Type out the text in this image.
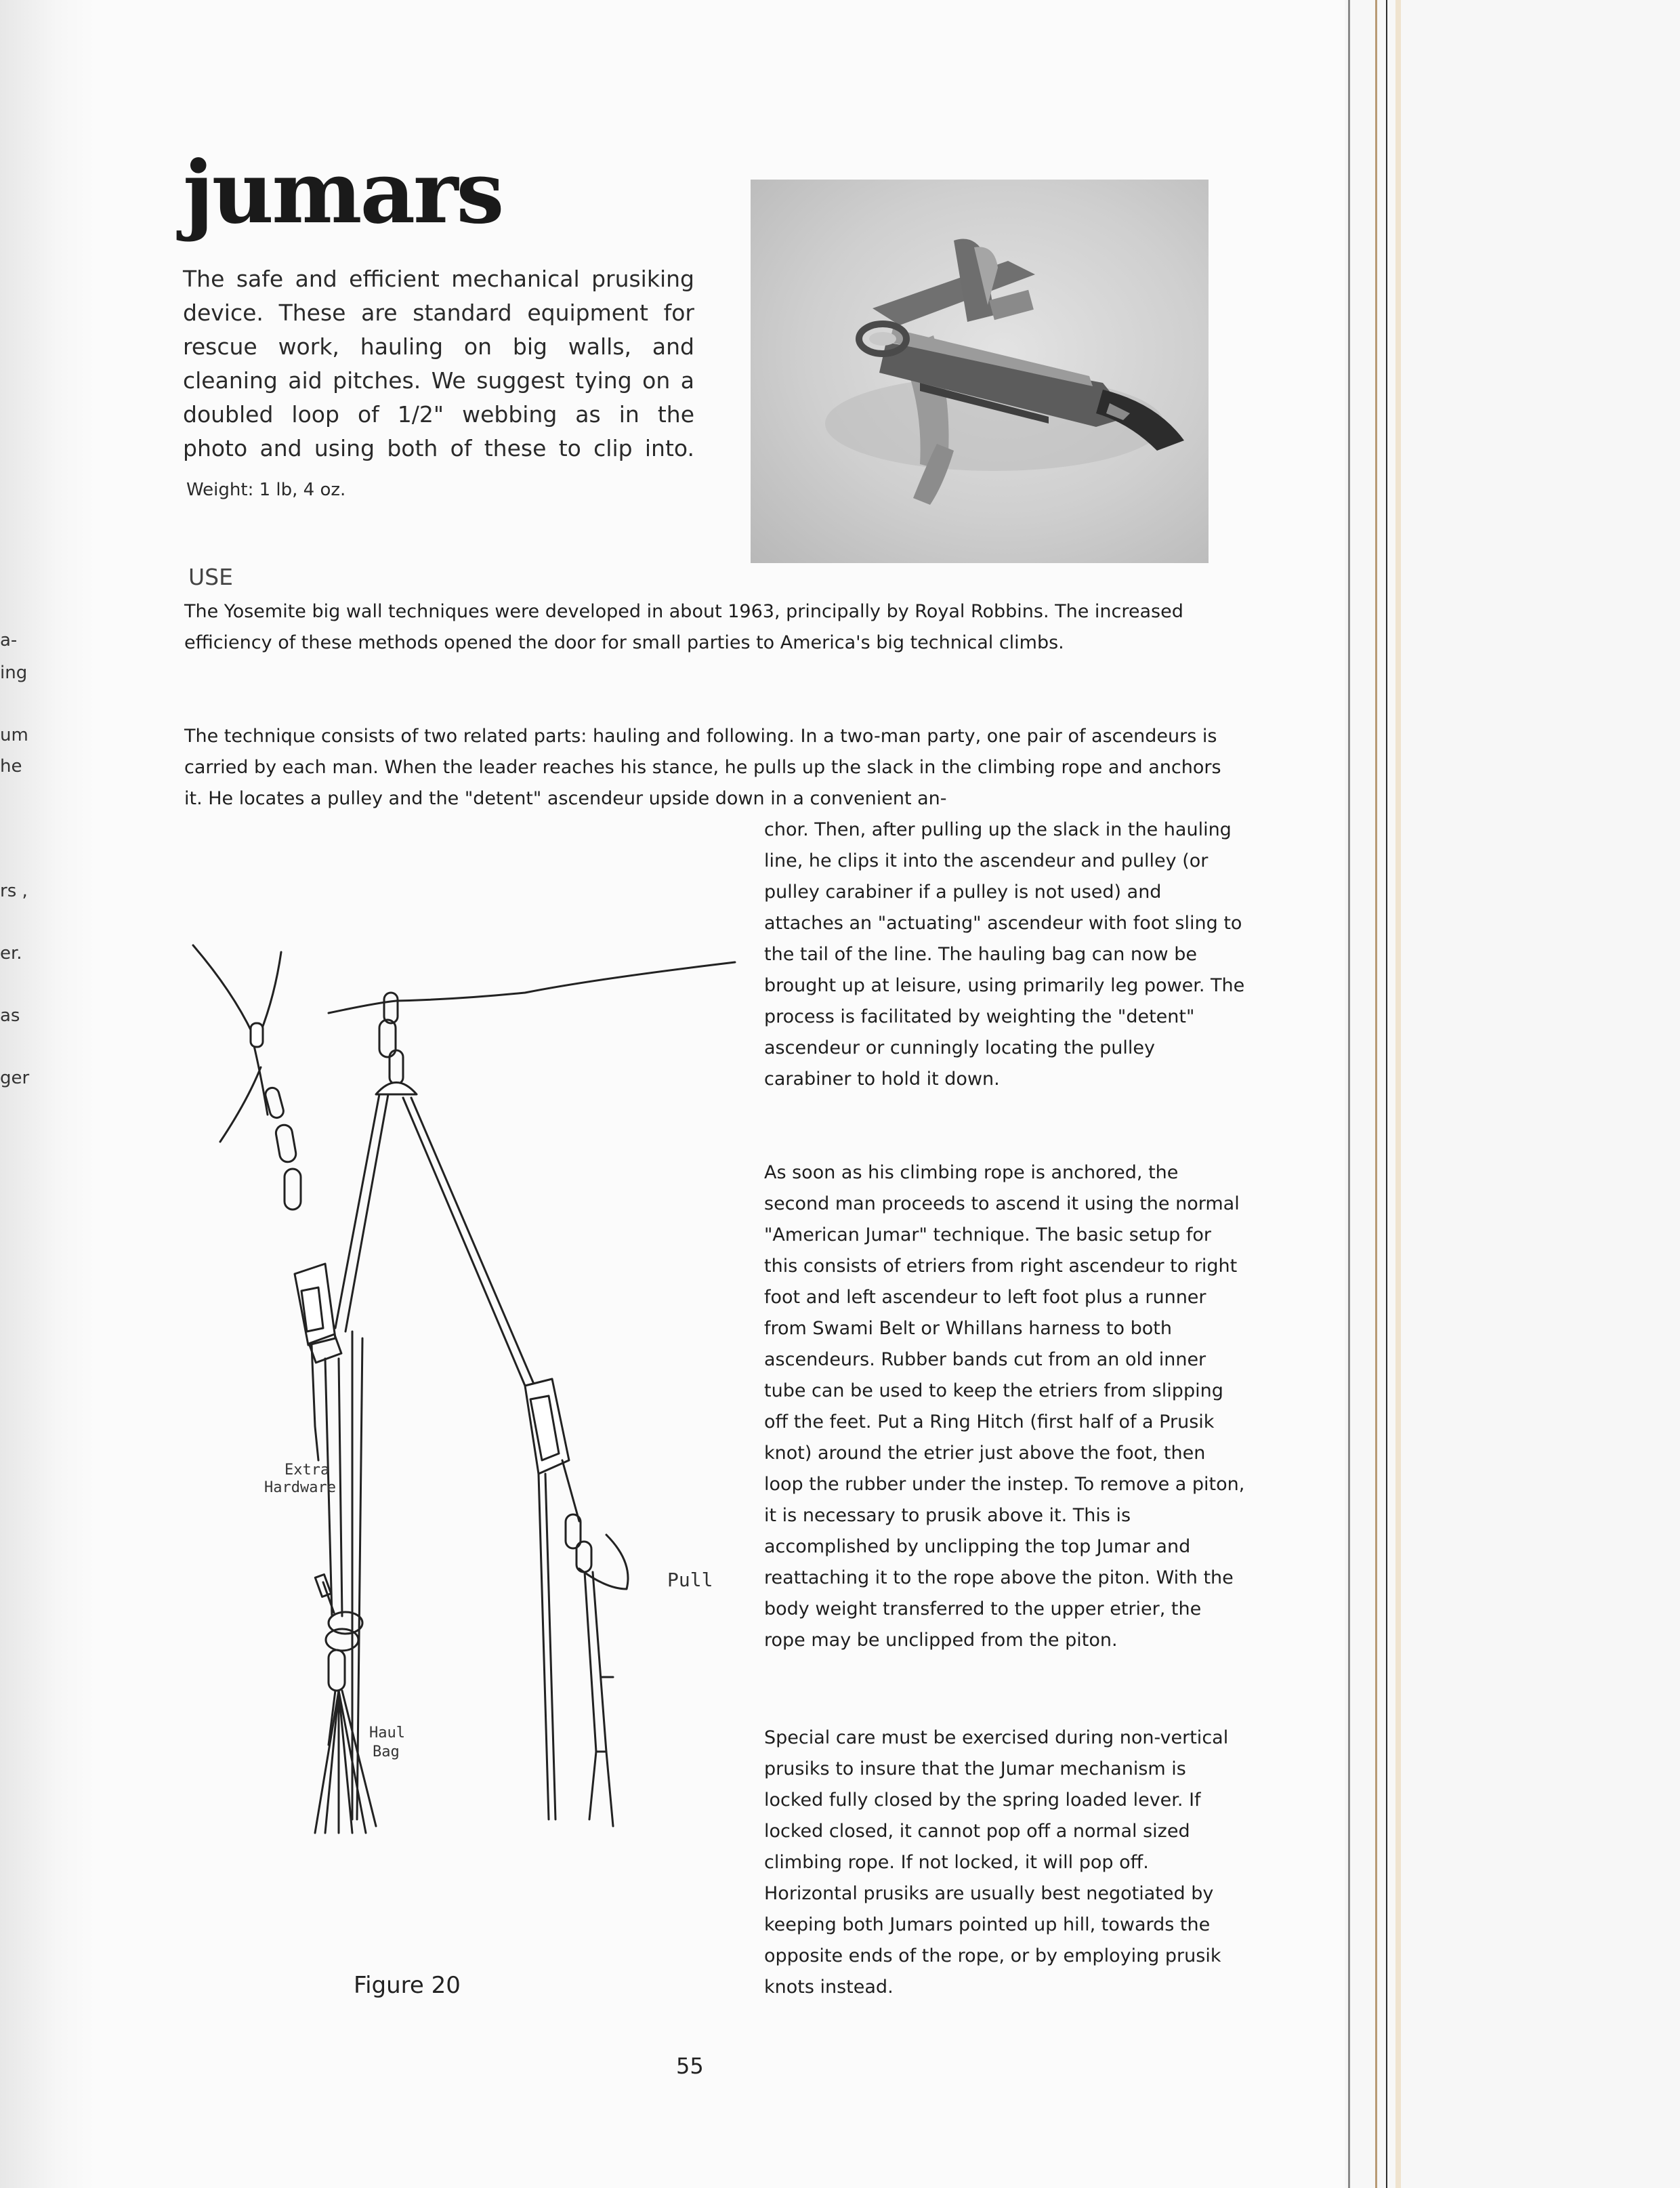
a-
ing
um
he
rs ,
er.
as
ger
jumars
The safe and efficient mechanical prusiking
device. These are standard equipment for
rescue work, hauling on big walls, and
cleaning aid pitches. We suggest tying on a
doubled loop of 1/2" webbing as in the
photo and using both of these to clip into.
Weight: 1 lb, 4 oz.
USE
The Yosemite big wall techniques were developed in about 1963, principally by Royal Robbins. The increased efficiency of these methods opened the door for small parties to America's big technical climbs.
The technique consists of two related parts: hauling and following. In a two-man party, one pair of ascendeurs is carried by each man. When the leader reaches his stance, he pulls up the slack in the climbing rope and anchors it. He locates a pulley and the "detent" ascendeur upside down in a convenient an-
chor. Then, after pulling up the slack in the hauling line, he clips it into the ascendeur and pulley (or pulley carabiner if a pulley is not used) and attaches an "actuating" ascendeur with foot sling to the tail of the line. The hauling bag can now be brought up at leisure, using primarily leg power. The process is facilitated by weighting the "detent" ascendeur or cunningly locating the pulley carabiner to hold it down.
As soon as his climbing rope is anchored, the second man proceeds to ascend it using the normal "American Jumar" technique. The basic setup for this consists of etriers from right ascendeur to right foot and left ascendeur to left foot plus a runner from Swami Belt or Whillans harness to both ascendeurs. Rubber bands cut from an old inner tube can be used to keep the etriers from slipping off the feet. Put a Ring Hitch (first half of a Prusik knot) around the etrier just above the foot, then loop the rubber under the instep. To remove a piton, it is necessary to prusik above it. This is accomplished by unclipping the top Jumar and reattaching it to the rope above the piton. With the body weight transferred to the upper etrier, the rope may be unclipped from the piton.
Special care must be exercised during non-vertical prusiks to insure that the Jumar mechanism is locked fully closed by the spring loaded lever. If locked closed, it cannot pop off a normal sized climbing rope. If not locked, it will pop off. Horizontal prusiks are usually best negotiated by keeping both Jumars pointed up hill, towards the opposite ends of the rope, or by employing prusik knots instead.
Extra
Hardware
Pull
Haul
Bag
Figure 20
55
